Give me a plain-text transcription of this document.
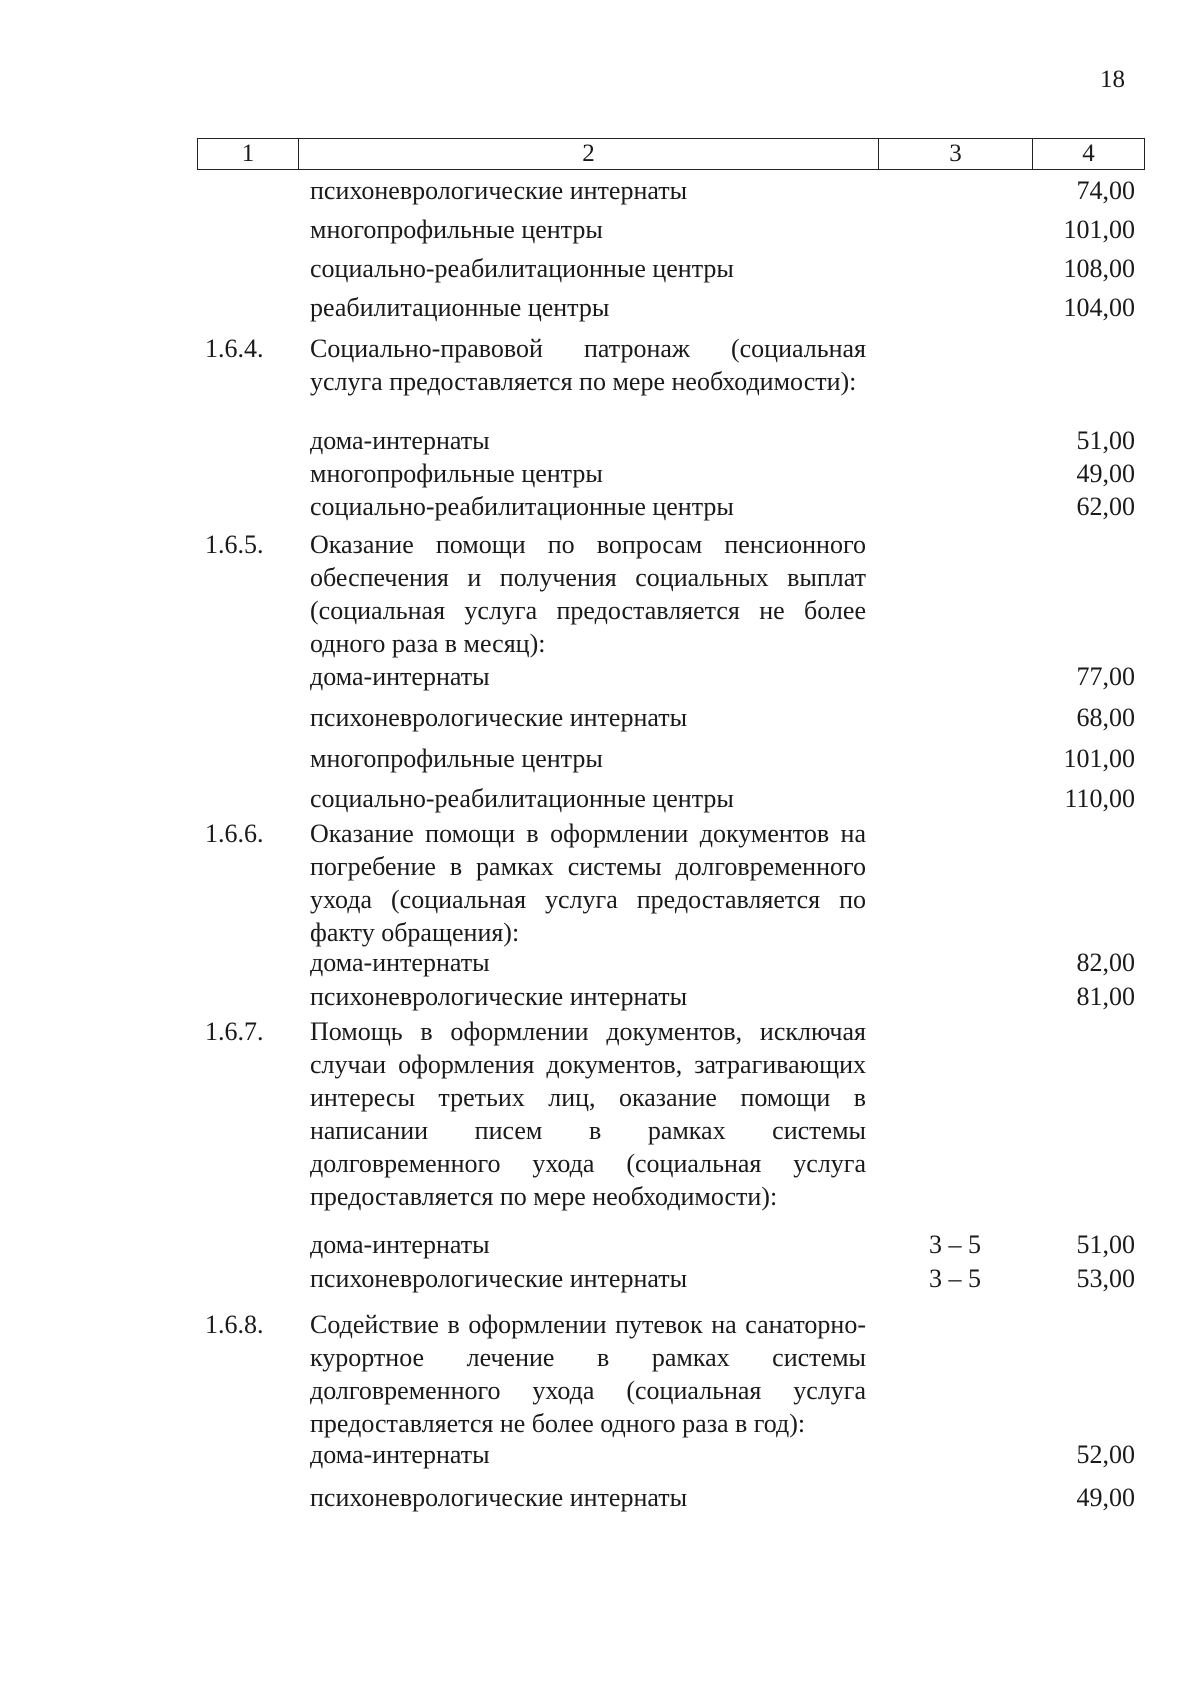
18
1	2	3	4
психоневрологические интернаты	74,00
многопрофильные центры	101,00
социально-реабилитационные центры	108,00
реабилитационные центры	104,00
1.6.4.	Социально-правовой патронаж (социальная услуга предоставляется по мере необходимости):
дома-интернаты	51,00
многопрофильные центры	49,00
социально-реабилитационные центры	62,00
1.6.5.	Оказание помощи по вопросам пенсионного обеспечения и получения социальных выплат (социальная услуга предоставляется не более одного раза в месяц):
дома-интернаты	77,00
психоневрологические интернаты	68,00
многопрофильные центры	101,00
социально-реабилитационные центры	110,00
1.6.6.	Оказание помощи в оформлении документов на погребение в рамках системы долговременного ухода (социальная услуга предоставляется по факту обращения):
дома-интернаты	82,00
психоневрологические интернаты	81,00
1.6.7.	Помощь в оформлении документов, исключая случаи оформления документов, затрагивающих интересы третьих лиц, оказание помощи в написании писем в рамках системы долговременного ухода (социальная услуга предоставляется по мере необходимости):
дома-интернаты	3 – 5	51,00
психоневрологические интернаты	3 – 5	53,00
1.6.8.	Содействие в оформлении путевок на санаторно-курортное лечение в рамках системы долговременного ухода (социальная услуга предоставляется не более одного раза в год):
дома-интернаты	52,00
психоневрологические интернаты	49,00
